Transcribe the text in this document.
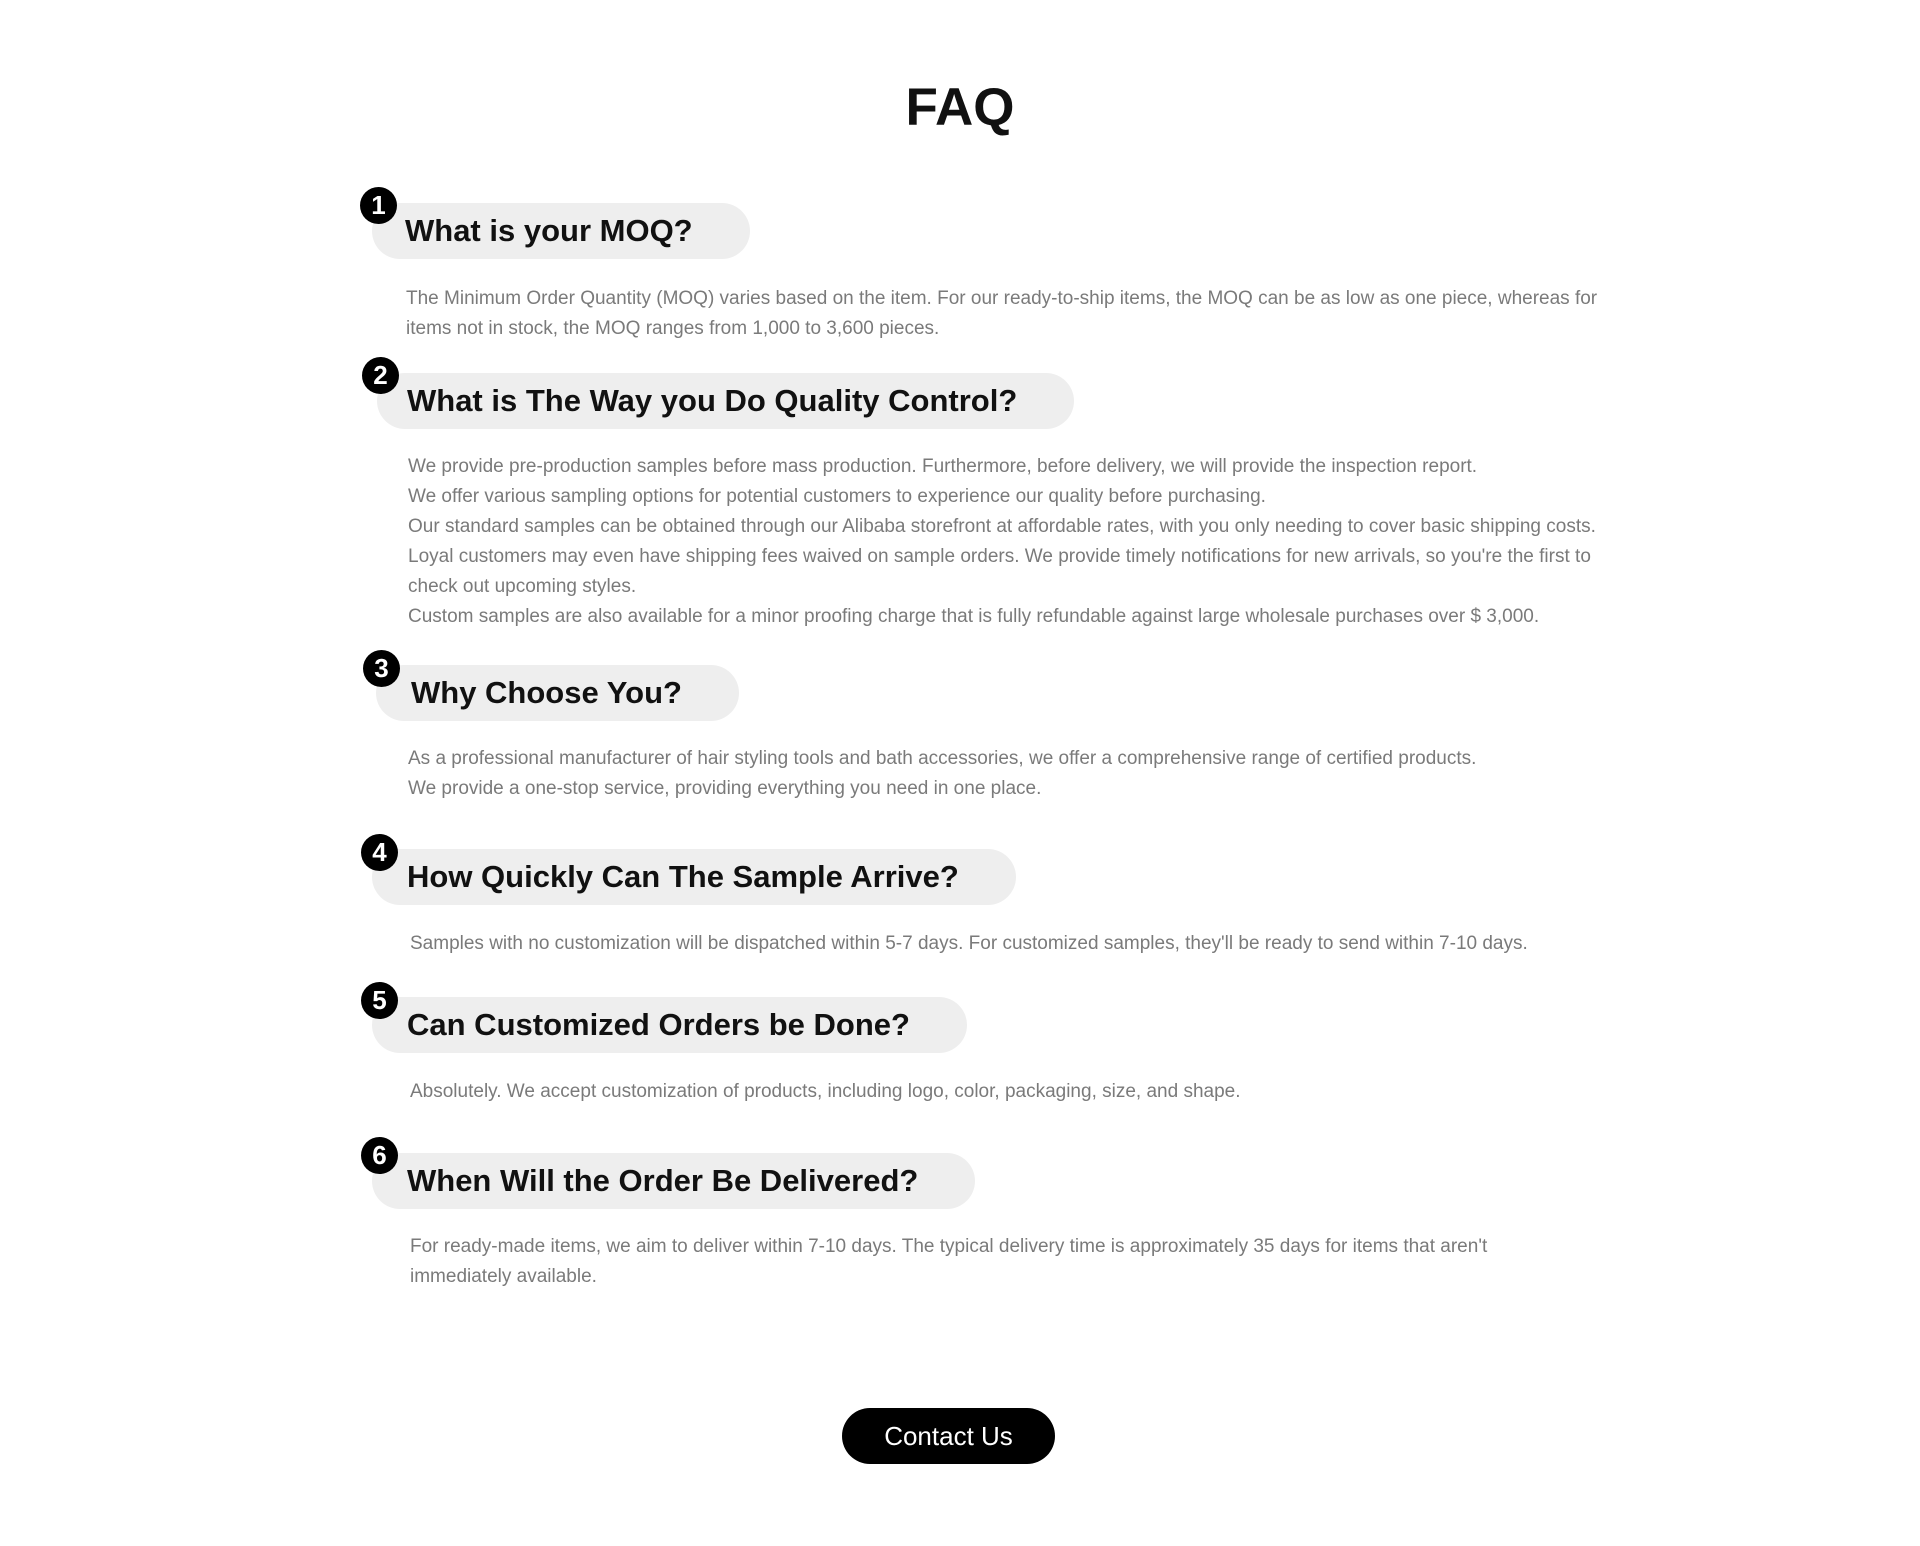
FAQ
1
What is your MOQ?

The Minimum Order Quantity (MOQ) varies based on the item. For our ready-to-ship items, the MOQ can be as low as one piece, whereas for items not in stock, the MOQ ranges from 1,000 to 3,600 pieces.

2
What is The Way you Do Quality Control?

We provide pre-production samples before mass production. Furthermore, before delivery, we will provide the inspection report.

We offer various sampling options for potential customers to experience our quality before purchasing.

Our standard samples can be obtained through our Alibaba storefront at affordable rates, with you only needing to cover basic shipping costs. Loyal customers may even have shipping fees waived on sample orders. We provide timely notifications for new arrivals, so you're the first to check out upcoming styles.

Custom samples are also available for a minor proofing charge that is fully refundable against large wholesale purchases over $ 3,000.

3
Why Choose You?

As a professional manufacturer of hair styling tools and bath accessories, we offer a comprehensive range of certified products.

We provide a one-stop service, providing everything you need in one place.

4
How Quickly Can The Sample Arrive?

Samples with no customization will be dispatched within 5-7 days. For customized samples, they'll be ready to send within 7-10 days.

5
Can Customized Orders be Done?

Absolutely. We accept customization of products, including logo, color, packaging, size, and shape.

6
When Will the Order Be Delivered?

For ready-made items, we aim to deliver within 7-10 days. The typical delivery time is approximately 35 days for items that aren't immediately available.

Contact Us
